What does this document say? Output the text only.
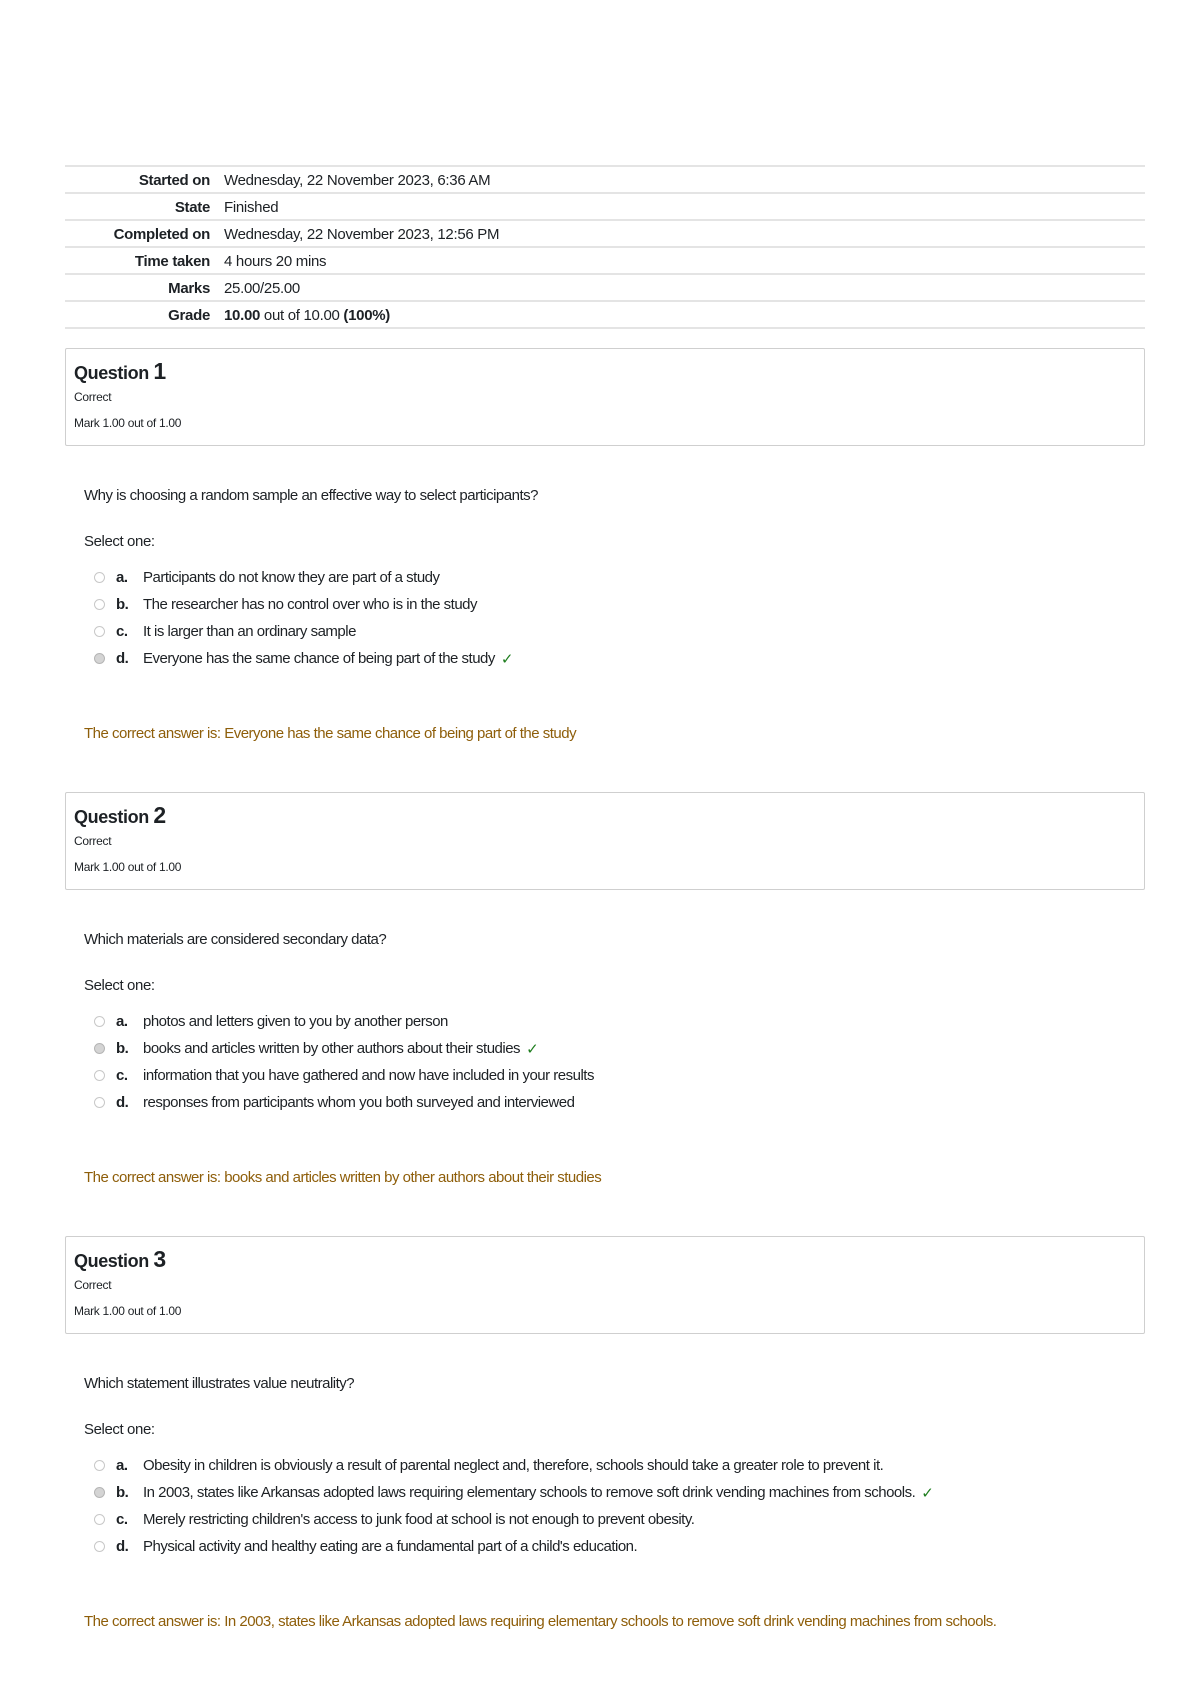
Started on	Wednesday, 22 November 2023, 6:36 AM
State	Finished
Completed on	Wednesday, 22 November 2023, 12:56 PM
Time taken	4 hours 20 mins
Marks	25.00/25.00
Grade	10.00 out of 10.00 (100%)
Question 1
Correct
Mark 1.00 out of 1.00
Why is choosing a random sample an effective way to select participants?
Select one:
a.	Participants do not know they are part of a study
b. The researcher has no control over who is in the study
c.	It is larger than an ordinary sample
d. Everyone has the same chance of being part of the study ✓
The correct answer is: Everyone has the same chance of being part of the study
Question 2
Correct
Mark 1.00 out of 1.00
Which materials are considered secondary data?
Select one:
a.	photos and letters given to you by another person
b. books and articles written by other authors about their studies ✓
c.	information that you have gathered and now have included in your results
d. responses from participants whom you both surveyed and interviewed
The correct answer is: books and articles written by other authors about their studies
Question 3
Correct
Mark 1.00 out of 1.00
Which statement illustrates value neutrality?
Select one:
a.	Obesity in children is obviously a result of parental neglect and, therefore, schools should take a greater role to prevent it.
b. In 2003, states like Arkansas adopted laws requiring elementary schools to remove soft drink vending machines from schools. ✓
c.	Merely restricting children's access to junk food at school is not enough to prevent obesity.
d. Physical activity and healthy eating are a fundamental part of a child's education.
The correct answer is: In 2003, states like Arkansas adopted laws requiring elementary schools to remove soft drink vending machines from schools.
